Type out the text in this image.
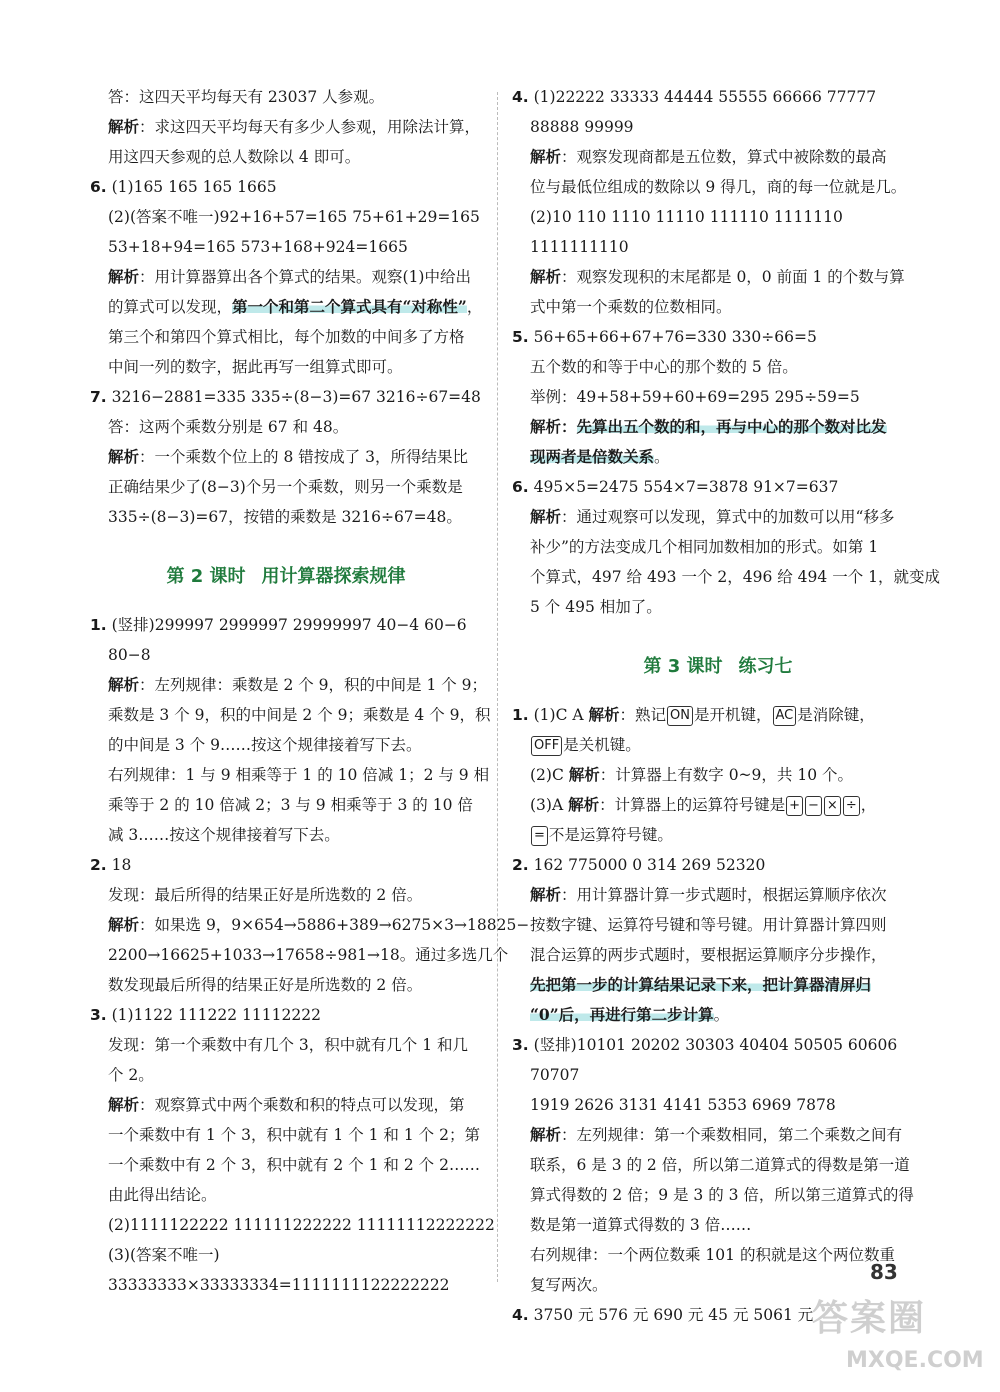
答：这四天平均每天有 23037 人参观。
解析：求这四天平均每天有多少人参观，用除法计算，
用这四天参观的总人数除以 4 即可。
6. (1)165 165 165 1665
(2)(答案不唯一)92+16+57=165 75+61+29=165
53+18+94=165 573+168+924=1665
解析：用计算器算出各个算式的结果。观察(1)中给出
的算式可以发现，第一个和第二个算式具有“对称性”，
第三个和第四个算式相比，每个加数的中间多了方格
中间一列的数字，据此再写一组算式即可。
7. 3216−2881=335 335÷(8−3)=67 3216÷67=48
答：这两个乘数分别是 67 和 48。
解析：一个乘数个位上的 8 错按成了 3，所得结果比
正确结果少了(8−3)个另一个乘数，则另一个乘数是
335÷(8−3)=67，按错的乘数是 3216÷67=48。
第 2 课时 用计算器探索规律
1. (竖排)299997 2999997 29999997 40−4 60−6
80−8
解析：左列规律：乘数是 2 个 9，积的中间是 1 个 9；
乘数是 3 个 9，积的中间是 2 个 9；乘数是 4 个 9，积
的中间是 3 个 9……按这个规律接着写下去。
右列规律：1 与 9 相乘等于 1 的 10 倍减 1；2 与 9 相
乘等于 2 的 10 倍减 2；3 与 9 相乘等于 3 的 10 倍
减 3……按这个规律接着写下去。
2. 18
发现：最后所得的结果正好是所选数的 2 倍。
解析：如果选 9，9×654→5886+389→6275×3→18825−
2200→16625+1033→17658÷981→18。通过多选几个
数发现最后所得的结果正好是所选数的 2 倍。
3. (1)1122 111222 11112222
发现：第一个乘数中有几个 3，积中就有几个 1 和几
个 2。
解析：观察算式中两个乘数和积的特点可以发现，第
一个乘数中有 1 个 3，积中就有 1 个 1 和 1 个 2；第
一个乘数中有 2 个 3，积中就有 2 个 1 和 2 个 2……
由此得出结论。
(2)1111122222 111111222222 11111112222222
(3)(答案不唯一)
33333333×33333334=1111111122222222
4. (1)22222 33333 44444 55555 66666 77777
88888 99999
解析：观察发现商都是五位数，算式中被除数的最高
位与最低位组成的数除以 9 得几，商的每一位就是几。
(2)10 110 1110 11110 111110 1111110
1111111110
解析：观察发现积的末尾都是 0，0 前面 1 的个数与算
式中第一个乘数的位数相同。
5. 56+65+66+67+76=330 330÷66=5
五个数的和等于中心的那个数的 5 倍。
举例：49+58+59+60+69=295 295÷59=5
解析：先算出五个数的和，再与中心的那个数对比发
现两者是倍数关系。
6. 495×5=2475 554×7=3878 91×7=637
解析：通过观察可以发现，算式中的加数可以用“移多
补少”的方法变成几个相同加数相加的形式。如第 1
个算式，497 给 493 一个 2，496 给 494 一个 1，就变成
5 个 495 相加了。
第 3 课时 练习七
1. (1)C A 解析：熟记 ON 是开机键， AC 是消除键，
OFF 是关机键。
(2)C 解析：计算器上有数字 0~9，共 10 个。
(3)A 解析：计算器上的运算符号键是 + − × ÷ ，
= 不是运算符号键。
2. 162 775000 0 314 269 52320
解析：用计算器计算一步式题时，根据运算顺序依次
按数字键、运算符号键和等号键。用计算器计算四则
混合运算的两步式题时，要根据运算顺序分步操作，
先把第一步的计算结果记录下来，把计算器清屏归
“0”后，再进行第二步计算。
3. (竖排)10101 20202 30303 40404 50505 60606
70707
1919 2626 3131 4141 5353 6969 7878
解析：左列规律：第一个乘数相同，第二个乘数之间有
联系，6 是 3 的 2 倍，所以第二道算式的得数是第一道
算式得数的 2 倍；9 是 3 的 3 倍，所以第三道算式的得
数是第一道算式得数的 3 倍……
右列规律：一个两位数乘 101 的积就是这个两位数重
复写两次。
4. 3750 元 576 元 690 元 45 元 5061 元
83
答案圈
MXQE.COM
